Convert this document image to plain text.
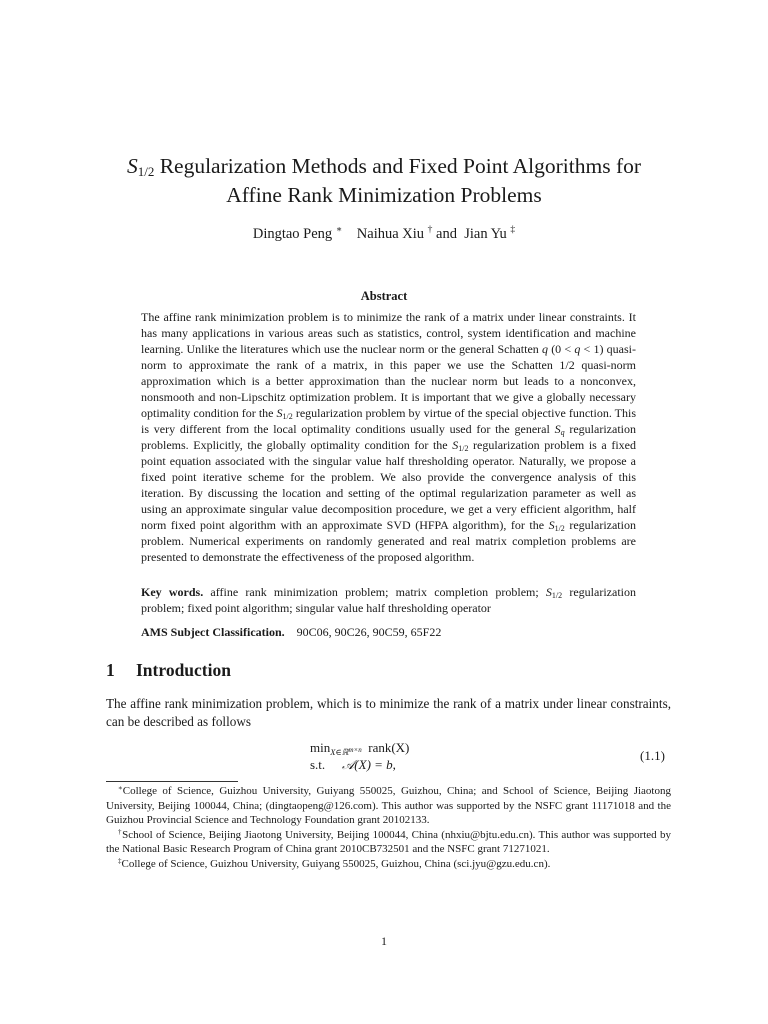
$S_{1/2}$ Regularization Methods and Fixed Point Algorithms for
Affine Rank Minimization Problems
Dingtao Peng ∗ Naihua Xiu † and Jian Yu ‡
Abstract
The affine rank minimization problem is to minimize the rank of a matrix under linear constraints. It has many applications in various areas such as statistics, control, system identification and machine learning. Unlike the literatures which use the nuclear norm or the general Schatten q (0 < q < 1) quasi-norm to approximate the rank of a matrix, in this paper we use the Schatten 1/2 quasi-norm approximation which is a better approximation than the nuclear norm but leads to a nonconvex, nonsmooth and non-Lipschitz optimization problem. It is important that we give a globally necessary optimality condition for the $S_{1/2}$ regularization problem by virtue of the special objective function. This is very different from the local optimality conditions usually used for the general $S_q$ regularization problems. Explicitly, the globally optimality condition for the $S_{1/2}$ regularization problem is a fixed point equation associated with the singular value half thresholding operator. Naturally, we propose a fixed point iterative scheme for the problem. We also provide the convergence analysis of this iteration. By discussing the location and setting of the optimal regularization parameter as well as using an approximate singular value decomposition procedure, we get a very efficient algorithm, half norm fixed point algorithm with an approximate SVD (HFPA algorithm), for the $S_{1/2}$ regularization problem. Numerical experiments on randomly generated and real matrix completion problems are presented to demonstrate the effectiveness of the proposed algorithm.
Key words. affine rank minimization problem; matrix completion problem; $S_{1/2}$ regularization problem; fixed point algorithm; singular value half thresholding operator
AMS Subject Classification. 90C06, 90C26, 90C59, 65F22
1 Introduction
The affine rank minimization problem, which is to minimize the rank of a matrix under linear constraints, can be described as follows
$\min_{X\in ℝ^{m\times n}}$ rank(X)
s.t. 𝒜(X) = b,
(1.1)

∗College of Science, Guizhou University, Guiyang 550025, Guizhou, China; and School of Science, Beijing Jiaotong University, Beijing 100044, China; (dingtaopeng@126.com). This author was supported by the NSFC grant 11171018 and the Guizhou Provincial Science and Technology Foundation grant 20102133.

†School of Science, Beijing Jiaotong University, Beijing 100044, China (nhxiu@bjtu.edu.cn). This author was supported by the National Basic Research Program of China grant 2010CB732501 and the NSFC grant 71271021.

‡College of Science, Guizhou University, Guiyang 550025, Guizhou, China (sci.jyu@gzu.edu.cn).

1
